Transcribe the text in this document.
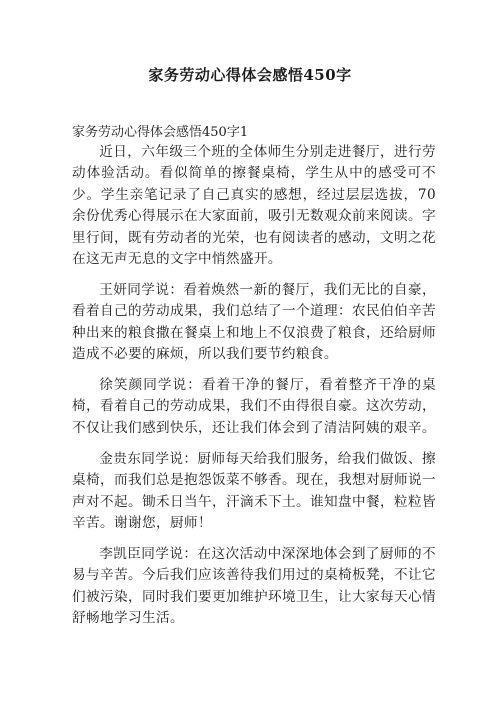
家务劳动心得体会感悟450字

家务劳动心得体会感悟450字1

近日，六年级三个班的全体师生分别走进餐厅，进行劳动体验活动。看似简单的擦餐桌椅，学生从中的感受可不少。学生亲笔记录了自己真实的感想，经过层层选拔，70余份优秀心得展示在大家面前，吸引无数观众前来阅读。字里行间，既有劳动者的光荣，也有阅读者的感动，文明之花在这无声无息的文字中悄然盛开。

王妍同学说：看着焕然一新的餐厅，我们无比的自豪，看着自己的劳动成果，我们总结了一个道理：农民伯伯辛苦种出来的粮食撒在餐桌上和地上不仅浪费了粮食，还给厨师造成不必要的麻烦，所以我们要节约粮食。

徐笑颜同学说：看着干净的餐厅，看着整齐干净的桌椅，看着自己的劳动成果，我们不由得很自豪。这次劳动，不仅让我们感到快乐，还让我们体会到了清洁阿姨的艰辛。

金贵东同学说：厨师每天给我们服务，给我们做饭、擦桌椅，而我们总是抱怨饭菜不够香。现在，我想对厨师说一声对不起。锄禾日当午，汗滴禾下土。谁知盘中餐，粒粒皆辛苦。谢谢您，厨师！

李凯臣同学说：在这次活动中深深地体会到了厨师的不易与辛苦。今后我们应该善待我们用过的桌椅板凳，不让它们被污染，同时我们要更加维护环境卫生，让大家每天心情舒畅地学习生活。
